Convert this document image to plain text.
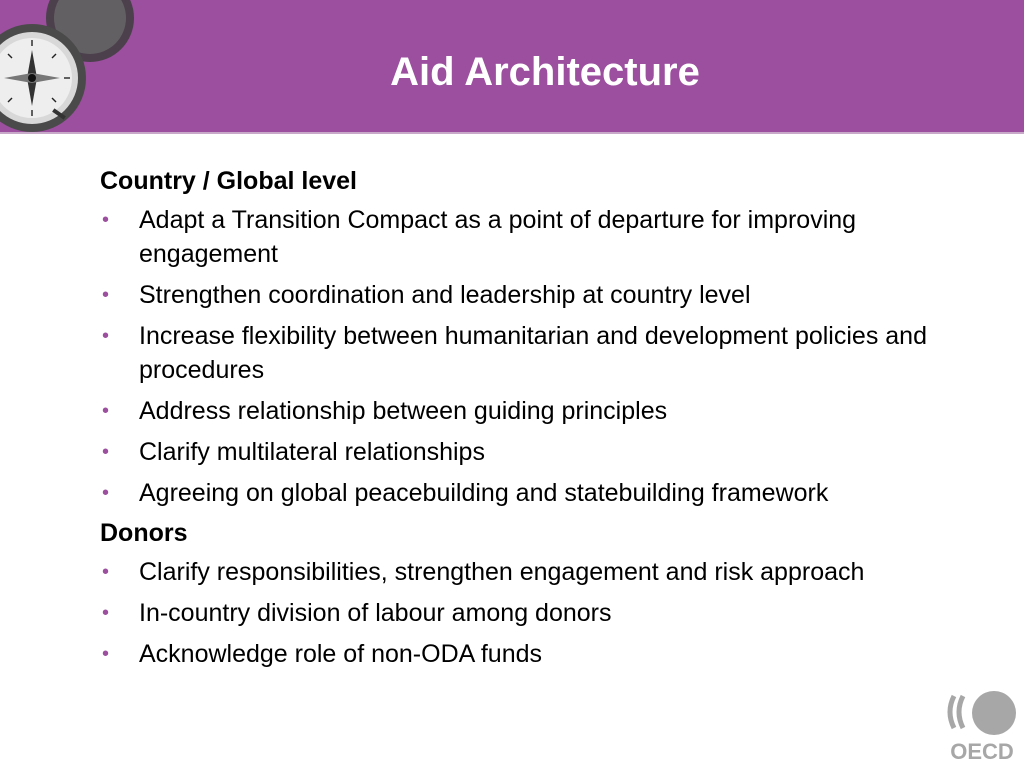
Aid Architecture
Country / Global level
• Adapt a Transition Compact as a point of departure for improving engagement
• Strengthen coordination and leadership at country level
• Increase flexibility between humanitarian and development policies and procedures
• Address relationship between guiding principles
• Clarify multilateral relationships
• Agreeing on global peacebuilding and statebuilding framework
Donors
• Clarify responsibilities, strengthen engagement and risk approach
• In-country division of labour among donors
• Acknowledge role of non-ODA funds
OECD
